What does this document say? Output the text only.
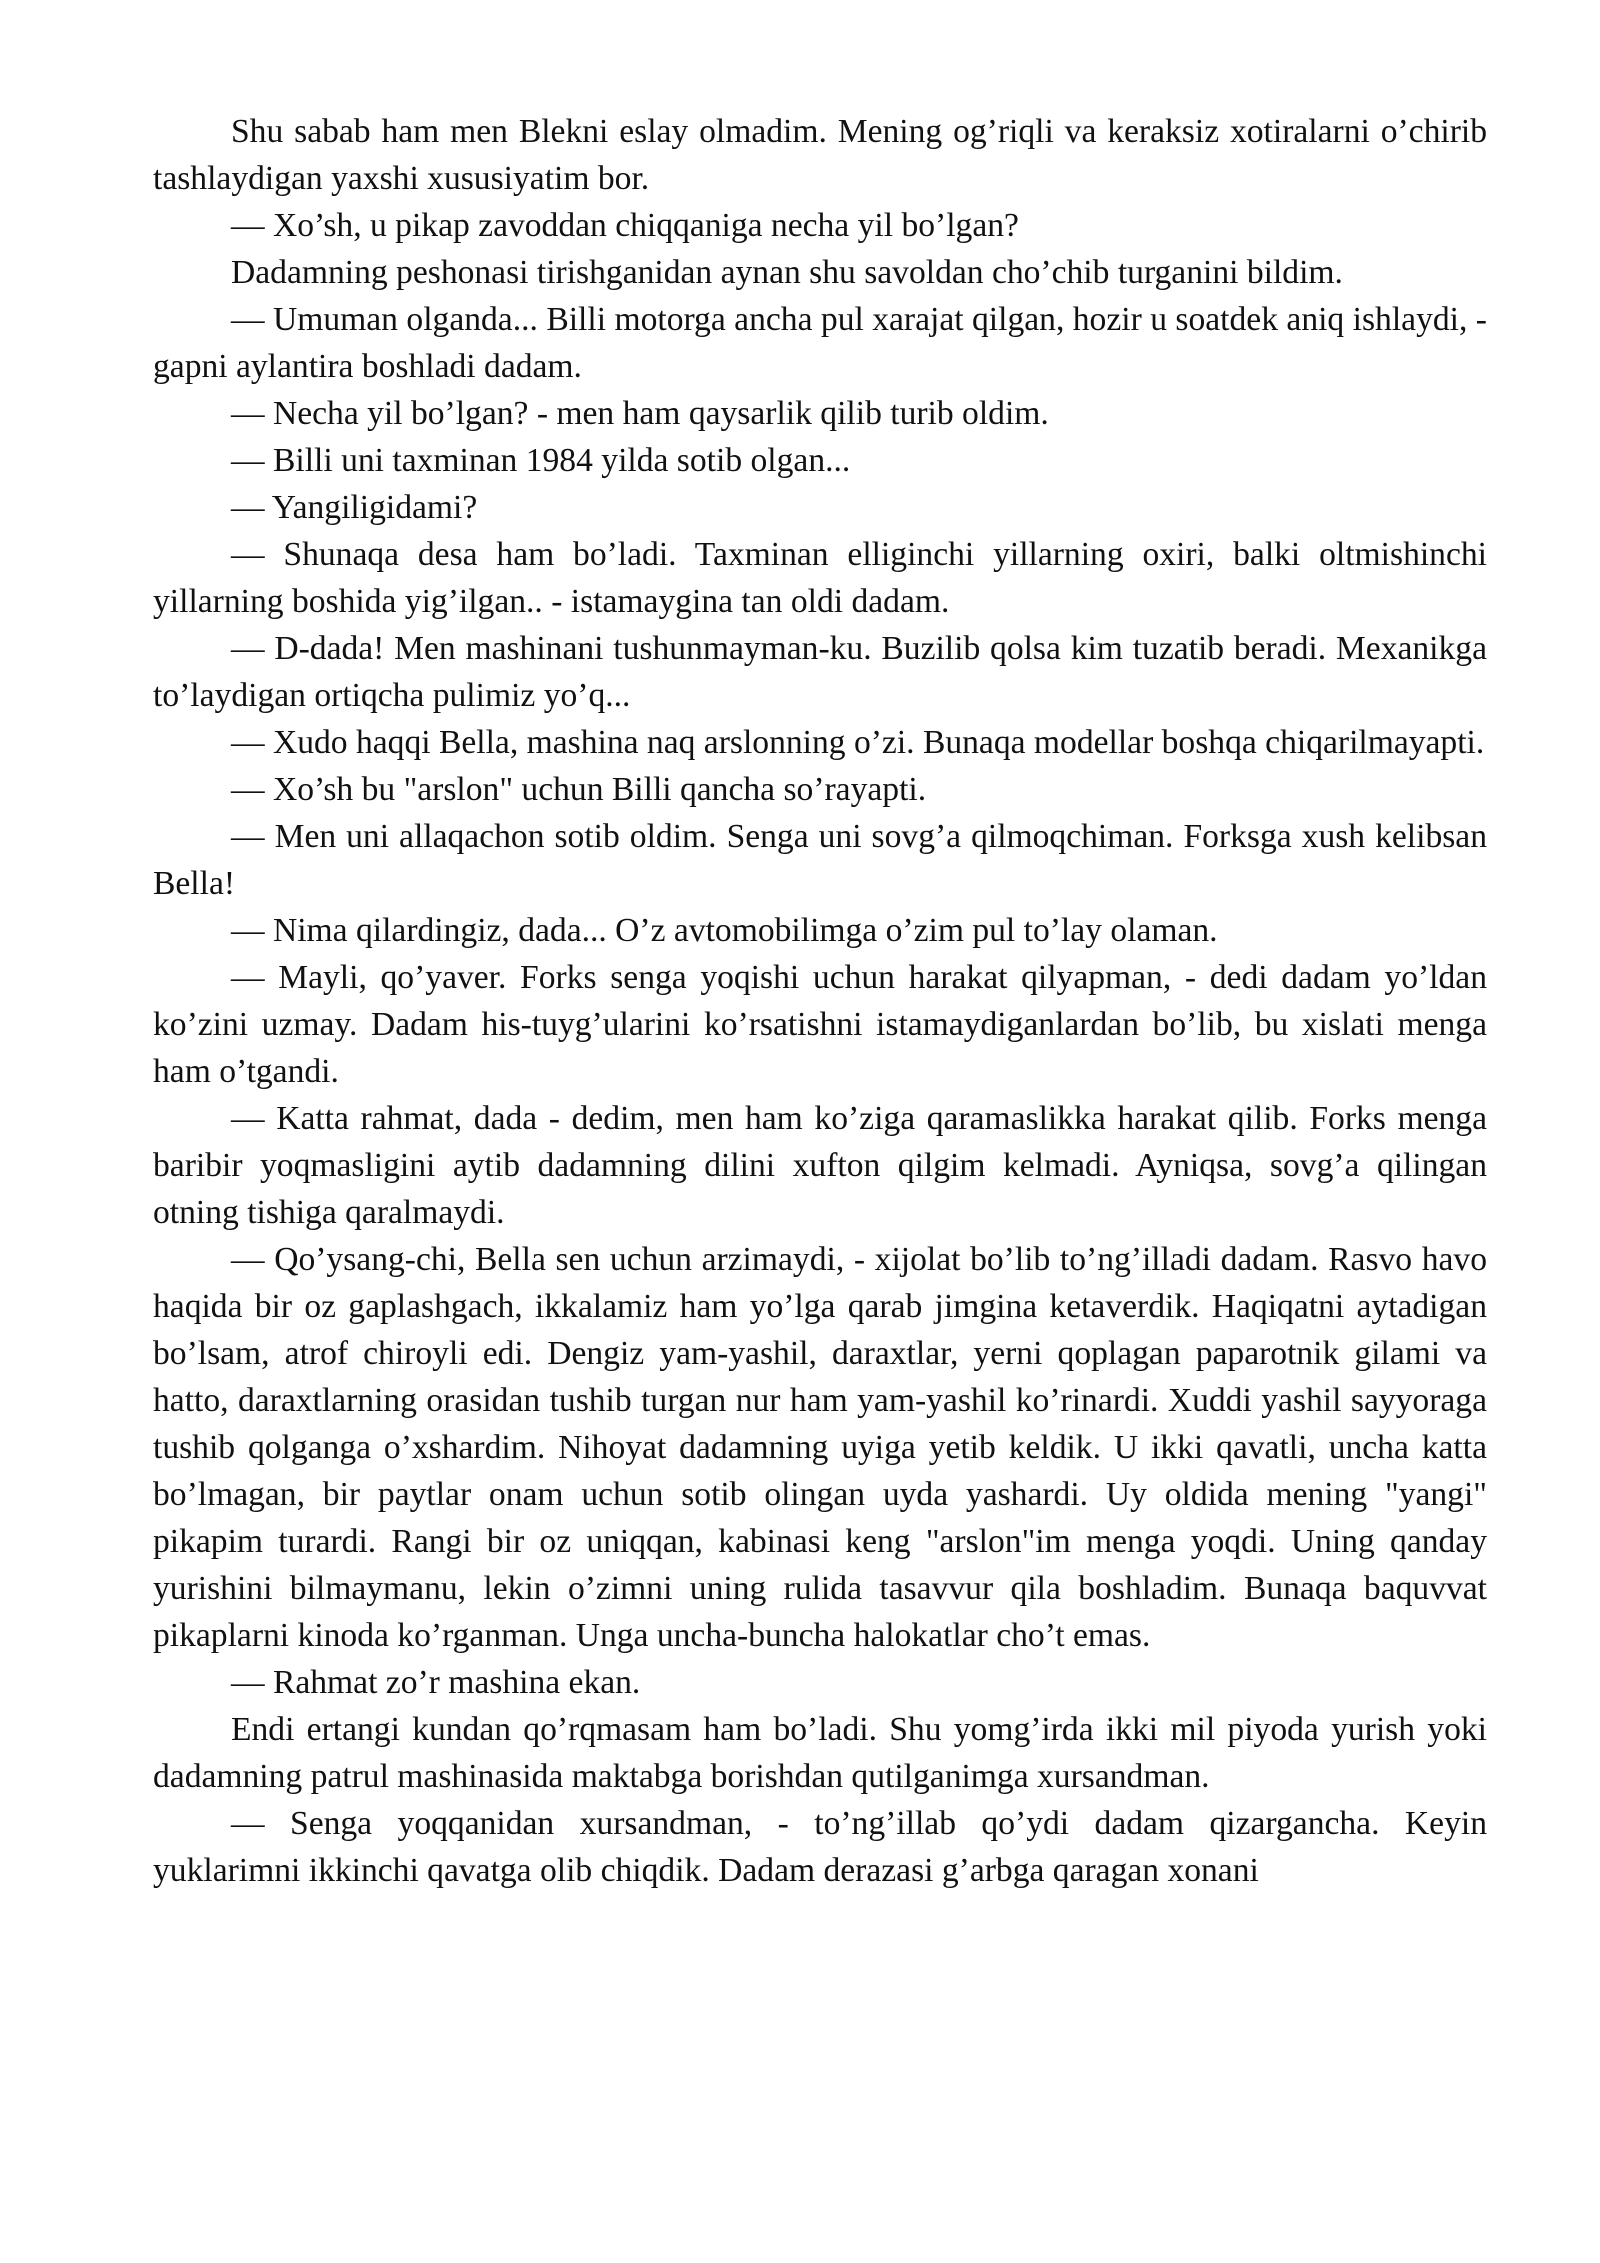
Shu sabab ham men Blekni eslay olmadim. Mening og’riqli va keraksiz xotiralarni o’chirib tashlaydigan yaxshi xususiyatim bor.

— Xo’sh, u pikap zavoddan chiqqaniga necha yil bo’lgan?

Dadamning peshonasi tirishganidan aynan shu savoldan cho’chib turganini bildim.

— Umuman olganda... Billi motorga ancha pul xarajat qilgan, hozir u soatdek aniq ishlaydi, - gapni aylantira boshladi dadam.

— Necha yil bo’lgan? - men ham qaysarlik qilib turib oldim.

— Billi uni taxminan 1984 yilda sotib olgan...

— Yangiligidami?

— Shunaqa desa ham bo’ladi. Taxminan elliginchi yillarning oxiri, balki oltmishinchi yillarning boshida yig’ilgan.. - istamaygina tan oldi dadam.

— D-dada! Men mashinani tushunmayman-ku. Buzilib qolsa kim tuzatib beradi. Mexanikga to’laydigan ortiqcha pulimiz yo’q...

— Xudo haqqi Bella, mashina naq arslonning o’zi. Bunaqa modellar boshqa chiqarilmayapti.

— Xo’sh bu "arslon" uchun Billi qancha so’rayapti.

— Men uni allaqachon sotib oldim. Senga uni sovg’a qilmoqchiman. Forksga xush kelibsan Bella!

— Nima qilardingiz, dada... O’z avtomobilimga o’zim pul to’lay olaman.

— Mayli, qo’yaver. Forks senga yoqishi uchun harakat qilyapman, - dedi dadam yo’ldan ko’zini uzmay. Dadam his-tuyg’ularini ko’rsatishni istamaydiganlardan bo’lib, bu xislati menga ham o’tgandi.

— Katta rahmat, dada - dedim, men ham ko’ziga qaramaslikka harakat qilib. Forks menga baribir yoqmasligini aytib dadamning dilini xufton qilgim kelmadi. Ayniqsa, sovg’a qilingan otning tishiga qaralmaydi.

— Qo’ysang-chi, Bella sen uchun arzimaydi, - xijolat bo’lib to’ng’illadi dadam. Rasvo havo haqida bir oz gaplashgach, ikkalamiz ham yo’lga qarab jimgina ketaverdik. Haqiqatni aytadigan bo’lsam, atrof chiroyli edi. Dengiz yam-yashil, daraxtlar, yerni qoplagan paparotnik gilami va hatto, daraxtlarning orasidan tushib turgan nur ham yam-yashil ko’rinardi. Xuddi yashil sayyoraga tushib qolganga o’xshardim. Nihoyat dadamning uyiga yetib keldik. U ikki qavatli, uncha katta bo’lmagan, bir paytlar onam uchun sotib olingan uyda yashardi. Uy oldida mening "yangi" pikapim turardi. Rangi bir oz uniqqan, kabinasi keng "arslon"im menga yoqdi. Uning qanday yurishini bilmaymanu, lekin o’zimni uning rulida tasavvur qila boshladim. Bunaqa baquvvat pikaplarni kinoda ko’rganman. Unga uncha-buncha halokatlar cho’t emas.

— Rahmat zo’r mashina ekan.

Endi ertangi kundan qo’rqmasam ham bo’ladi. Shu yomg’irda ikki mil piyoda yurish yoki dadamning patrul mashinasida maktabga borishdan qutilganimga xursandman.

— Senga yoqqanidan xursandman, - to’ng’illab qo’ydi dadam qizargancha. Keyin yuklarimni ikkinchi qavatga olib chiqdik. Dadam derazasi g’arbga qaragan xonani
